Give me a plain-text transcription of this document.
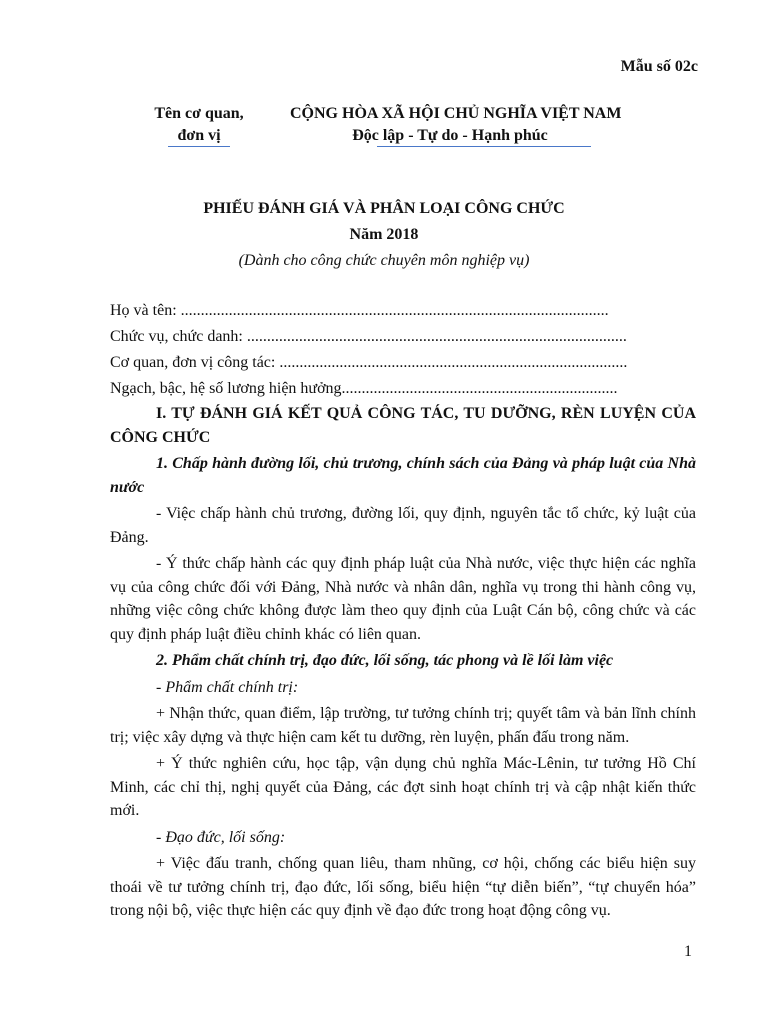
Mẫu số 02c
Tên cơ quan,
đơn vị
CỘNG HÒA XÃ HỘI CHỦ NGHĨA VIỆT NAM
Độc lập - Tự do - Hạnh phúc
PHIẾU ĐÁNH GIÁ VÀ PHÂN LOẠI CÔNG CHỨC
Năm 2018
(Dành cho công chức chuyên môn nghiệp vụ)
Họ và tên: ...........................................................................................................
Chức vụ, chức danh: ...............................................................................................
Cơ quan, đơn vị công tác: .......................................................................................
Ngạch, bậc, hệ số lương hiện hưởng.....................................................................

I. TỰ ĐÁNH GIÁ KẾT QUẢ CÔNG TÁC, TU DƯỠNG, RÈN LUYỆN CỦA CÔNG CHỨC

1. Chấp hành đường lối, chủ trương, chính sách của Đảng và pháp luật của Nhà nước

- Việc chấp hành chủ trương, đường lối, quy định, nguyên tắc tổ chức, kỷ luật của Đảng.

- Ý thức chấp hành các quy định pháp luật của Nhà nước, việc thực hiện các nghĩa vụ của công chức đối với Đảng, Nhà nước và nhân dân, nghĩa vụ trong thi hành công vụ, những việc công chức không được làm theo quy định của Luật Cán bộ, công chức và các quy định pháp luật điều chỉnh khác có liên quan.

2. Phẩm chất chính trị, đạo đức, lối sống, tác phong và lề lối làm việc

- Phẩm chất chính trị:

+ Nhận thức, quan điểm, lập trường, tư tưởng chính trị; quyết tâm và bản lĩnh chính trị; việc xây dựng và thực hiện cam kết tu dưỡng, rèn luyện, phấn đấu trong năm.

+ Ý thức nghiên cứu, học tập, vận dụng chủ nghĩa Mác-Lênin, tư tưởng Hồ Chí Minh, các chỉ thị, nghị quyết của Đảng, các đợt sinh hoạt chính trị và cập nhật kiến thức mới.

- Đạo đức, lối sống:

+ Việc đấu tranh, chống quan liêu, tham nhũng, cơ hội, chống các biểu hiện suy thoái về tư tưởng chính trị, đạo đức, lối sống, biểu hiện “tự diễn biến”, “tự chuyển hóa” trong nội bộ, việc thực hiện các quy định về đạo đức trong hoạt động công vụ.

1
